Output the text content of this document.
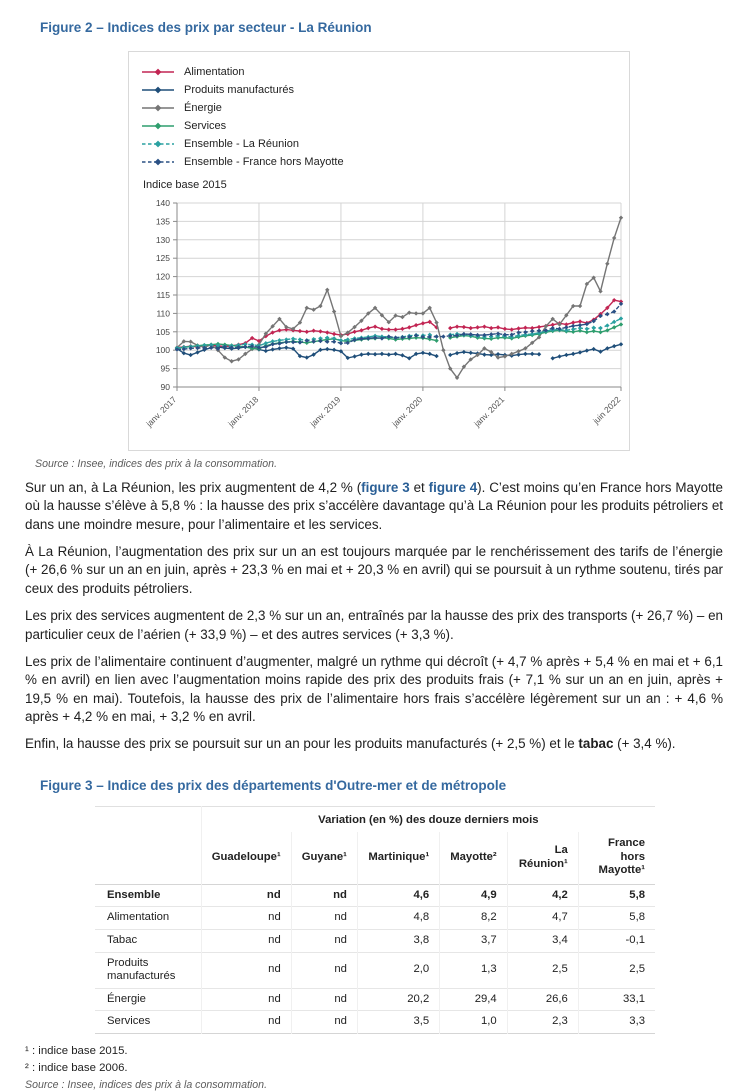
Figure 2 – Indices des prix par secteur - La Réunion
Alimentation
Produits manufacturés
Énergie
Services
Ensemble - La Réunion
Ensemble - France hors Mayotte
Indice base 2015
90
95
100
105
110
115
120
125
130
135
140
janv. 2017	janv. 2018	janv. 2019	janv. 2020	janv. 2021	juin 2022
Source : Insee, indices des prix à la consommation.

Sur un an, à La Réunion, les prix augmentent de 4,2 % (figure 3 et figure 4). C’est moins qu’en France hors Mayotte où la hausse s’élève à 5,8 % : la hausse des prix s’accélère davantage qu’à La Réunion pour les produits pétroliers et dans une moindre mesure, pour l’alimentaire et les services.

À La Réunion, l’augmentation des prix sur un an est toujours marquée par le renchérissement des tarifs de l’énergie (+ 26,6 % sur un an en juin, après + 23,3 % en mai et + 20,3 % en avril) qui se poursuit à un rythme soutenu, tirés par ceux des produits pétroliers.

Les prix des services augmentent de 2,3 % sur un an, entraînés par la hausse des prix des transports (+ 26,7 %) – en particulier ceux de l’aérien (+ 33,9 %) – et des autres services (+ 3,3 %).

Les prix de l’alimentaire continuent d’augmenter, malgré un rythme qui décroît (+ 4,7 % après + 5,4 % en mai et + 6,1 % en avril) en lien avec l’augmentation moins rapide des prix des produits frais (+ 7,1 % sur un an en juin, après + 19,5 % en mai). Toutefois, la hausse des prix de l’alimentaire hors frais s’accélère légèrement sur un an : + 4,6 % après + 4,2 % en mai, + 3,2 % en avril.

Enfin, la hausse des prix se poursuit sur un an pour les produits manufacturés (+ 2,5 %) et le tabac (+ 3,4 %).

Figure 3 – Indice des prix des départements d'Outre-mer et de métropole
	Variation (en %) des douze derniers mois					
	Guadeloupe¹	Guyane¹	Martinique¹	Mayotte²	La Réunion¹	France hors Mayotte¹
Ensemble	nd	nd	4,6	4,9	4,2	5,8
Alimentation	nd	nd	4,8	8,2	4,7	5,8
Tabac	nd	nd	3,8	3,7	3,4	-0,1
Produits manufacturés	nd	nd	2,0	1,3	2,5	2,5
Énergie	nd	nd	20,2	29,4	26,6	33,1
Services	nd	nd	3,5	1,0	2,3	3,3
¹ : indice base 2015.
² : indice base 2006.
Source : Insee, indices des prix à la consommation.
